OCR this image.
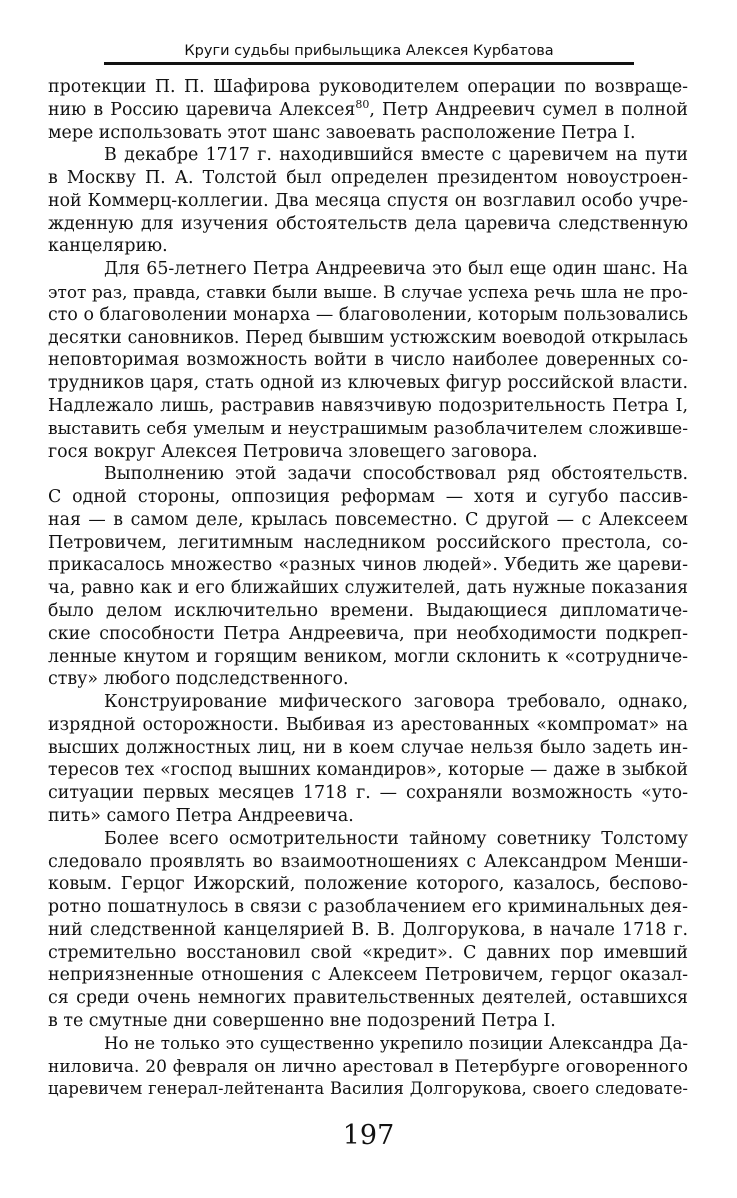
Круги судьбы прибыльщика Алексея Курбатова

протекции П. П. Шафирова руководителем операции по возвраще-
нию в Россию царевича Алексея$^{80}$, Петр Андреевич сумел в полной
мере использовать этот шанс завоевать расположение Петра I.

В декабре 1717 г. находившийся вместе с царевичем на пути
в Москву П. А. Толстой был определен президентом новоустроен-
ной Коммерц-коллегии. Два месяца спустя он возглавил особо учре-
жденную для изучения обстоятельств дела царевича следственную
канцелярию.

Для 65-летнего Петра Андреевича это был еще один шанс. На
этот раз, правда, ставки были выше. В случае успеха речь шла не про-
сто о благоволении монарха — благоволении, которым пользовались
десятки сановников. Перед бывшим устюжским воеводой открылась
неповторимая возможность войти в число наиболее доверенных со-
трудников царя, стать одной из ключевых фигур российской власти.
Надлежало лишь, растравив навязчивую подозрительность Петра I,
выставить себя умелым и неустрашимым разоблачителем сложивше-
гося вокруг Алексея Петровича зловещего заговора.

Выполнению этой задачи способствовал ряд обстоятельств.
С одной стороны, оппозиция реформам — хотя и сугубо пассив-
ная — в самом деле, крылась повсеместно. С другой — с Алексеем
Петровичем, легитимным наследником российского престола, со-
прикасалось множество «разных чинов людей». Убедить же цареви-
ча, равно как и его ближайших служителей, дать нужные показания
было делом исключительно времени. Выдающиеся дипломатиче-
ские способности Петра Андреевича, при необходимости подкреп-
ленные кнутом и горящим веником, могли склонить к «сотрудниче-
ству» любого подследственного.

Конструирование мифического заговора требовало, однако,
изрядной осторожности. Выбивая из арестованных «компромат» на
высших должностных лиц, ни в коем случае нельзя было задеть ин-
тересов тех «господ вышних командиров», которые — даже в зыбкой
ситуации первых месяцев 1718 г. — сохраняли возможность «уто-
пить» самого Петра Андреевича.

Более всего осмотрительности тайному советнику Толстому
следовало проявлять во взаимоотношениях с Александром Менши-
ковым. Герцог Ижорский, положение которого, казалось, беспово-
ротно пошатнулось в связи с разоблачением его криминальных дея-
ний следственной канцелярией В. В. Долгорукова, в начале 1718 г.
стремительно восстановил свой «кредит». С давних пор имевший
неприязненные отношения с Алексеем Петровичем, герцог оказал-
ся среди очень немногих правительственных деятелей, оставшихся
в те смутные дни совершенно вне подозрений Петра I.

Но не только это существенно укрепило позиции Александра Да-
ниловича. 20 февраля он лично арестовал в Петербурге оговоренного
царевичем генерал-лейтенанта Василия Долгорукова, своего следовате-

197
